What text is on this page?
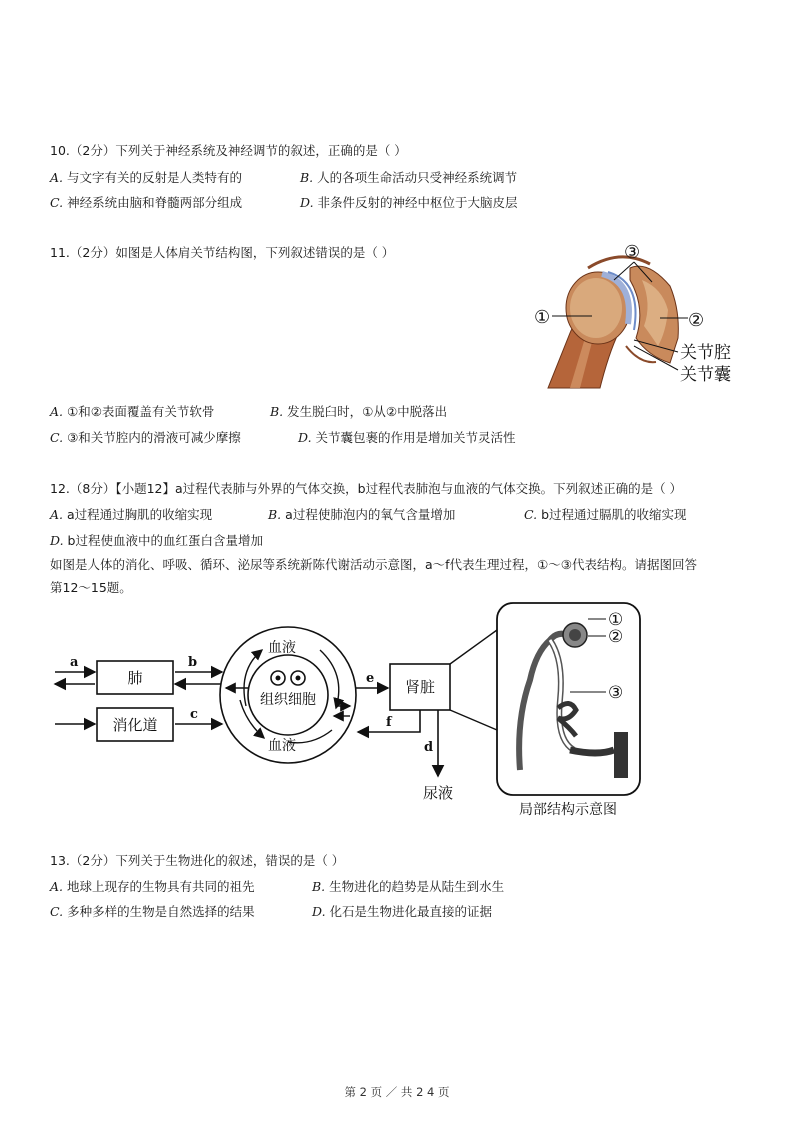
10.（2分）下列关于神经系统及神经调节的叙述，正确的是（ ）
A. 与文字有关的反射是人类特有的	B. 人的各项生命活动只受神经系统调节
C. 神经系统由脑和脊髓两部分组成	D. 非条件反射的神经中枢位于大脑皮层
11.（2分）如图是人体肩关节结构图，下列叙述错误的是（ ）
①
③
②
关节腔
关节囊
A. ①和②表面覆盖有关节软骨	B. 发生脱臼时，①从②中脱落出
C. ③和关节腔内的滑液可减少摩擦	D. 关节囊包裹的作用是增加关节灵活性
12.（8分）【小题12】a过程代表肺与外界的气体交换，b过程代表肺泡与血液的气体交换。下列叙述正确的是（ ）
A. a过程通过胸肌的收缩实现	B. a过程使肺泡内的氧气含量增加	C. b过程通过膈肌的收缩实现
D. b过程使血液中的血红蛋白含量增加
如图是人体的消化、呼吸、循环、泌尿等系统新陈代谢活动示意图，a～f代表生理过程，①～③代表结构。请据图回答
第12～15题。
肺
消化道
a	b
c
血液
血液
组织细胞
e 肾脏
f
d
尿液
①
②
③
局部结构示意图
13.（2分）下列关于生物进化的叙述，错误的是（ ）
A. 地球上现存的生物具有共同的祖先	B. 生物进化的趋势是从陆生到水生
C. 多种多样的生物是自然选择的结果	D. 化石是生物进化最直接的证据
第 2 页 ／ 共 2 4 页
